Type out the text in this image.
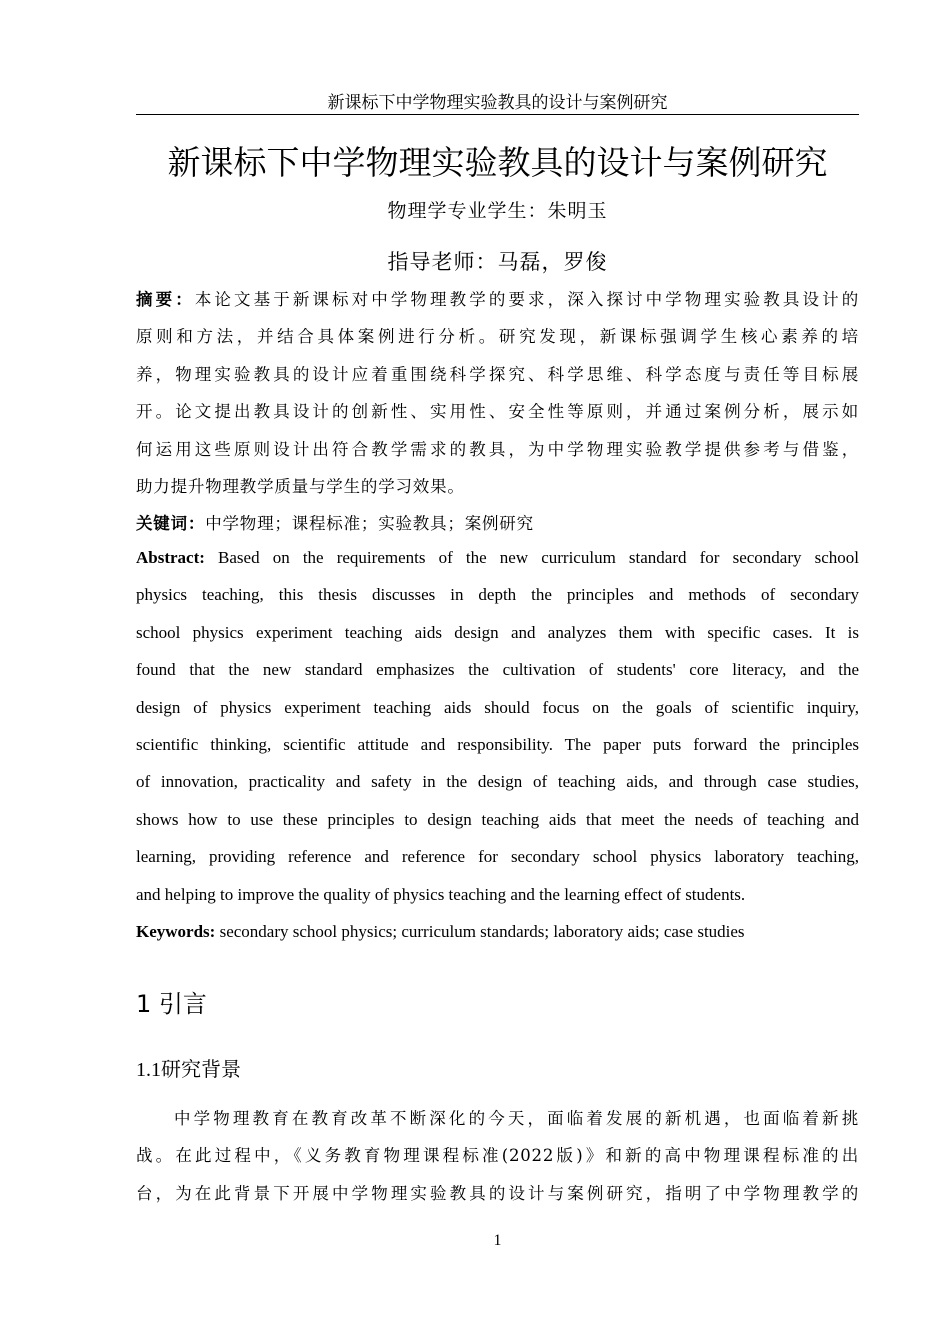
新课标下中学物理实验教具的设计与案例研究
新课标下中学物理实验教具的设计与案例研究
物理学专业学生：朱明玉
指导老师：马磊，罗俊
摘要：本论文基于新课标对中学物理教学的要求，深入探讨中学物理实验教具设计的
原则和方法，并结合具体案例进行分析。研究发现，新课标强调学生核心素养的培
养，物理实验教具的设计应着重围绕科学探究、科学思维、科学态度与责任等目标展
开。论文提出教具设计的创新性、实用性、安全性等原则，并通过案例分析，展示如
何运用这些原则设计出符合教学需求的教具，为中学物理实验教学提供参考与借鉴，
助力提升物理教学质量与学生的学习效果。
关键词：中学物理；课程标准；实验教具；案例研究
Abstract: Based on the requirements of the new curriculum standard for secondary school
physics teaching, this thesis discusses in depth the principles and methods of secondary
school physics experiment teaching aids design and analyzes them with specific cases. It is
found that the new standard emphasizes the cultivation of students' core literacy, and the
design of physics experiment teaching aids should focus on the goals of scientific inquiry,
scientific thinking, scientific attitude and responsibility. The paper puts forward the principles
of innovation, practicality and safety in the design of teaching aids, and through case studies,
shows how to use these principles to design teaching aids that meet the needs of teaching and
learning, providing reference and reference for secondary school physics laboratory teaching,
and helping to improve the quality of physics teaching and the learning effect of students.
Keywords: secondary school physics; curriculum standards; laboratory aids; case studies
1 引言
1.1研究背景
中学物理教育在教育改革不断深化的今天，面临着发展的新机遇，也面临着新挑
战。在此过程中，《义务教育物理课程标准(2022版)》和新的高中物理课程标准的出
台，为在此背景下开展中学物理实验教具的设计与案例研究，指明了中学物理教学的
1
